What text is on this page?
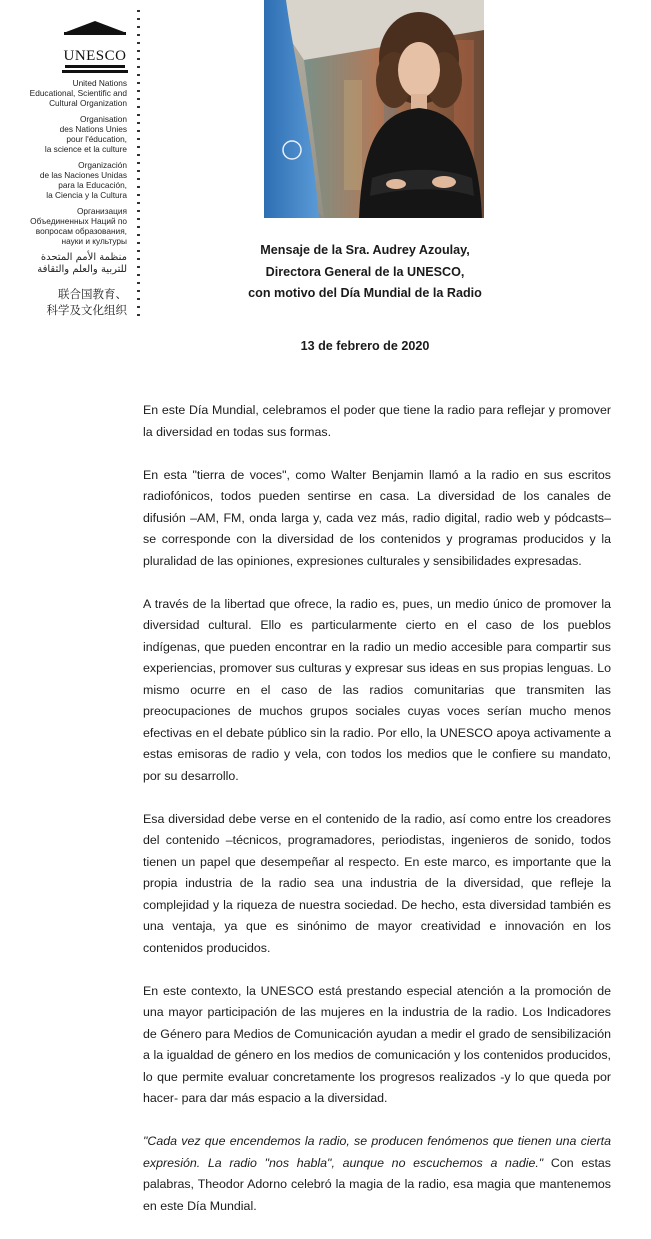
UNESCO
United Nations
Educational, Scientific and
Cultural Organization
Organisation
des Nations Unies
pour l'éducation,
la science et la culture
Organización
de las Naciones Unidas
para la Educación,
la Ciencia y la Cultura
Организация
Объединенных Наций по
вопросам образования,
науки и культуры
منظمة الأمم المتحدة
للتربية والعلم والثقافة
联合国教育、
科学及文化组织
Mensaje de la Sra. Audrey Azoulay,
Directora General de la UNESCO,
con motivo del Día Mundial de la Radio
13 de febrero de 2020

En este Día Mundial, celebramos el poder que tiene la radio para reflejar y promover la diversidad en todas sus formas.

En esta "tierra de voces", como Walter Benjamin llamó a la radio en sus escritos radiofónicos, todos pueden sentirse en casa. La diversidad de los canales de difusión –AM, FM, onda larga y, cada vez más, radio digital, radio web y pódcasts– se corresponde con la diversidad de los contenidos y programas producidos y la pluralidad de las opiniones, expresiones culturales y sensibilidades expresadas.

A través de la libertad que ofrece, la radio es, pues, un medio único de promover la diversidad cultural. Ello es particularmente cierto en el caso de los pueblos indígenas, que pueden encontrar en la radio un medio accesible para compartir sus experiencias, promover sus culturas y expresar sus ideas en sus propias lenguas. Lo mismo ocurre en el caso de las radios comunitarias que transmiten las preocupaciones de muchos grupos sociales cuyas voces serían mucho menos efectivas en el debate público sin la radio. Por ello, la UNESCO apoya activamente a estas emisoras de radio y vela, con todos los medios que le confiere su mandato, por su desarrollo.

Esa diversidad debe verse en el contenido de la radio, así como entre los creadores del contenido –técnicos, programadores, periodistas, ingenieros de sonido, todos tienen un papel que desempeñar al respecto. En este marco, es importante que la propia industria de la radio sea una industria de la diversidad, que refleje la complejidad y la riqueza de nuestra sociedad. De hecho, esta diversidad también es una ventaja, ya que es sinónimo de mayor creatividad e innovación en los contenidos producidos.

En este contexto, la UNESCO está prestando especial atención a la promoción de una mayor participación de las mujeres en la industria de la radio. Los Indicadores de Género para Medios de Comunicación ayudan a medir el grado de sensibilización a la igualdad de género en los medios de comunicación y los contenidos producidos, lo que permite evaluar concretamente los progresos realizados -y lo que queda por hacer- para dar más espacio a la diversidad.

"Cada vez que encendemos la radio, se producen fenómenos que tienen una cierta expresión. La radio "nos habla", aunque no escuchemos a nadie." Con estas palabras, Theodor Adorno celebró la magia de la radio, esa magia que mantenemos en este Día Mundial.
